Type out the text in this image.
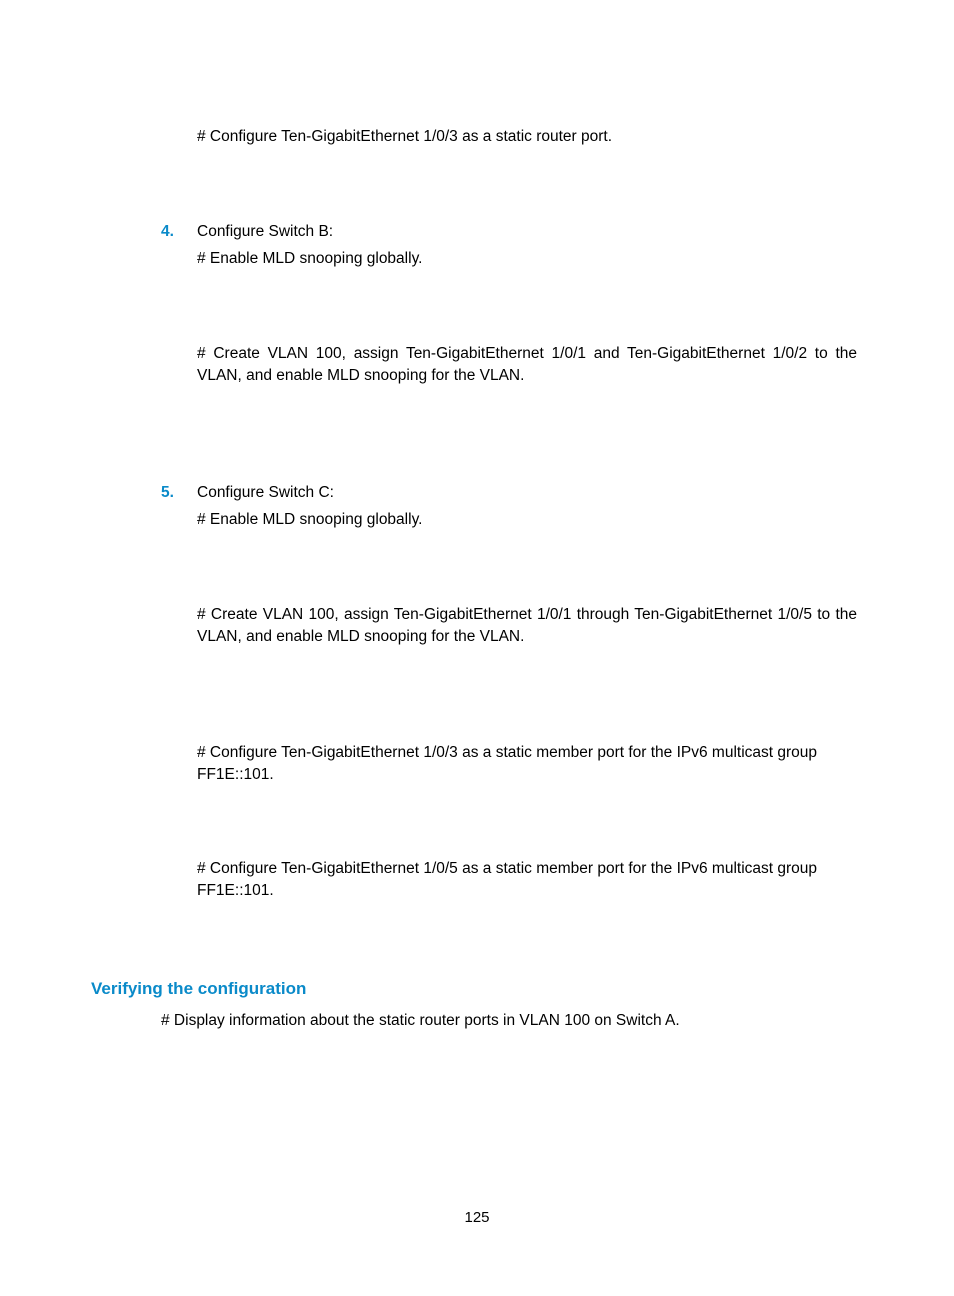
# Configure Ten-GigabitEthernet 1/0/3 as a static router port.
4. Configure Switch B:
# Enable MLD snooping globally.
# Create VLAN 100, assign Ten-GigabitEthernet 1/0/1 and Ten-GigabitEthernet 1/0/2 to the VLAN, and enable MLD snooping for the VLAN.
5. Configure Switch C:
# Enable MLD snooping globally.
# Create VLAN 100, assign Ten-GigabitEthernet 1/0/1 through Ten-GigabitEthernet 1/0/5 to the VLAN, and enable MLD snooping for the VLAN.
# Configure Ten-GigabitEthernet 1/0/3 as a static member port for the IPv6 multicast group FF1E::101.
# Configure Ten-GigabitEthernet 1/0/5 as a static member port for the IPv6 multicast group FF1E::101.
Verifying the configuration
# Display information about the static router ports in VLAN 100 on Switch A.
125
